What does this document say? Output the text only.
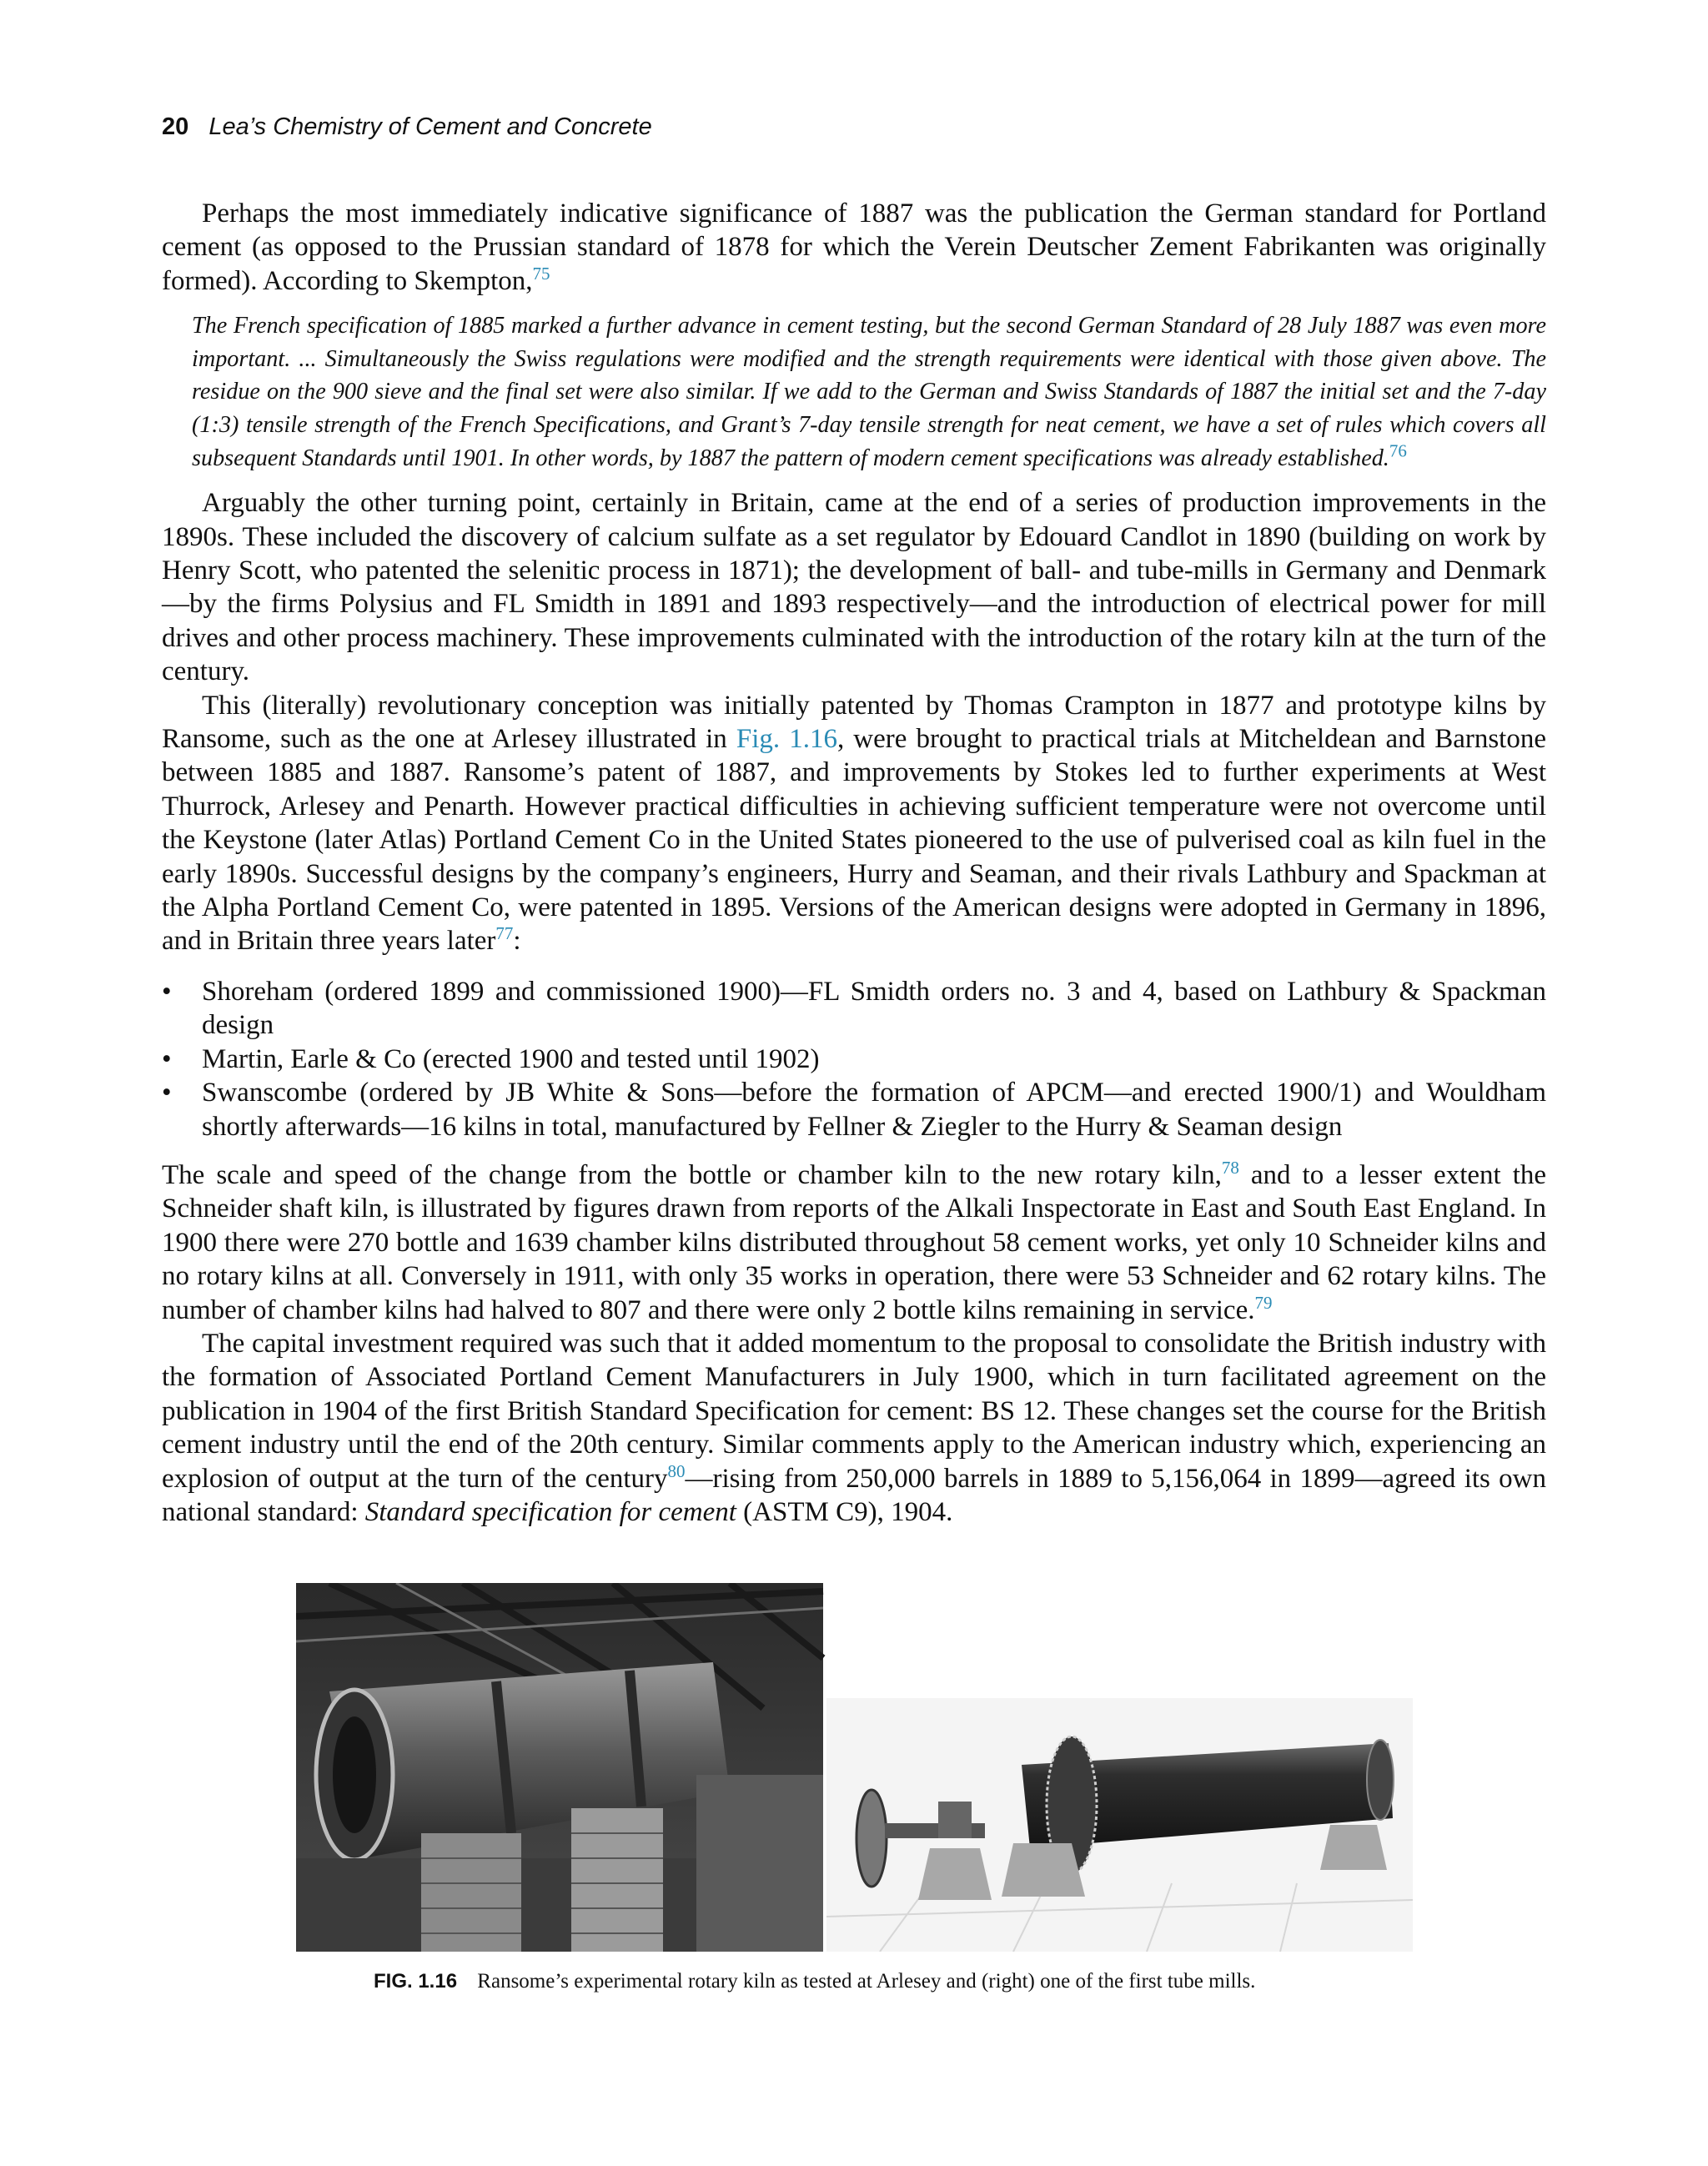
20 Lea’s Chemistry of Cement and Concrete

Perhaps the most immediately indicative significance of 1887 was the publication the German standard for Portland cement (as opposed to the Prussian standard of 1878 for which the Verein Deutscher Zement Fabrikanten was originally formed). According to Skempton,$^{75}$

The French specification of 1885 marked a further advance in cement testing, but the second German Standard of 28 July 1887 was even more important. ... Simultaneously the Swiss regulations were modified and the strength requirements were identical with those given above. The residue on the 900 sieve and the final set were also similar. If we add to the German and Swiss Standards of 1887 the initial set and the 7-day (1:3) tensile strength of the French Specifications, and Grant’s 7-day tensile strength for neat cement, we have a set of rules which covers all subsequent Standards until 1901. In other words, by 1887 the pattern of modern cement specifications was already established.$^{76}$

Arguably the other turning point, certainly in Britain, came at the end of a series of production improvements in the 1890s. These included the discovery of calcium sulfate as a set regulator by Edouard Candlot in 1890 (building on work by Henry Scott, who patented the selenitic process in 1871); the development of ball- and tube-mills in Germany and Denmark—by the firms Polysius and FL Smidth in 1891 and 1893 respectively—and the introduction of electrical power for mill drives and other process machinery. These improvements culminated with the introduction of the rotary kiln at the turn of the century.

This (literally) revolutionary conception was initially patented by Thomas Crampton in 1877 and prototype kilns by Ransome, such as the one at Arlesey illustrated in Fig. 1.16, were brought to practical trials at Mitcheldean and Barnstone between 1885 and 1887. Ransome’s patent of 1887, and improvements by Stokes led to further experiments at West Thurrock, Arlesey and Penarth. However practical difficulties in achieving sufficient temperature were not overcome until the Keystone (later Atlas) Portland Cement Co in the United States pioneered to the use of pulverised coal as kiln fuel in the early 1890s. Successful designs by the company’s engineers, Hurry and Seaman, and their rivals Lathbury and Spackman at the Alpha Portland Cement Co, were patented in 1895. Versions of the American designs were adopted in Germany in 1896, and in Britain three years later$^{77}$:

•	Shoreham (ordered 1899 and commissioned 1900)—FL Smidth orders no. 3 and 4, based on Lathbury & Spackman design
•	Martin, Earle & Co (erected 1900 and tested until 1902)
•	Swanscombe (ordered by JB White & Sons—before the formation of APCM—and erected 1900/1) and Wouldham shortly afterwards—16 kilns in total, manufactured by Fellner & Ziegler to the Hurry & Seaman design

The scale and speed of the change from the bottle or chamber kiln to the new rotary kiln,$^{78}$ and to a lesser extent the Schneider shaft kiln, is illustrated by figures drawn from reports of the Alkali Inspectorate in East and South East England. In 1900 there were 270 bottle and 1639 chamber kilns distributed throughout 58 cement works, yet only 10 Schneider kilns and no rotary kilns at all. Conversely in 1911, with only 35 works in operation, there were 53 Schneider and 62 rotary kilns. The number of chamber kilns had halved to 807 and there were only 2 bottle kilns remaining in service.$^{79}$

The capital investment required was such that it added momentum to the proposal to consolidate the British industry with the formation of Associated Portland Cement Manufacturers in July 1900, which in turn facilitated agreement on the publication in 1904 of the first British Standard Specification for cement: BS 12. These changes set the course for the British cement industry until the end of the 20th century. Similar comments apply to the American industry which, experiencing an explosion of output at the turn of the century$^{80}$—rising from 250,000 barrels in 1889 to 5,156,064 in 1899—agreed its own national standard: Standard specification for cement (ASTM C9), 1904.

FIG. 1.16 Ransome’s experimental rotary kiln as tested at Arlesey and (right) one of the first tube mills.
